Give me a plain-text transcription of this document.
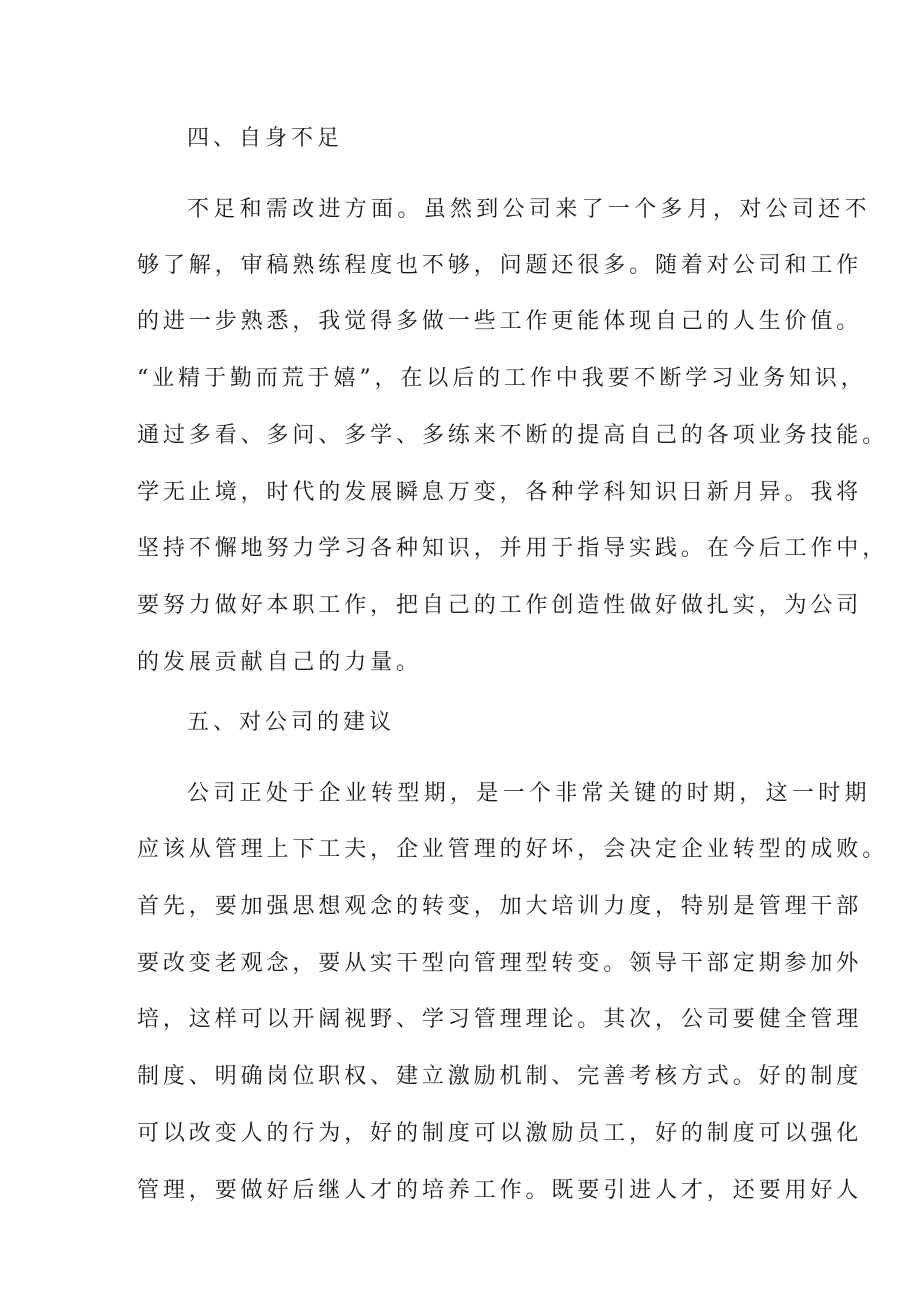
四、自身不足

不足和需改进方面。虽然到公司来了一个多月，对公司还不

够了解，审稿熟练程度也不够，问题还很多。随着对公司和工作

的进一步熟悉，我觉得多做一些工作更能体现自己的人生价值。

“业精于勤而荒于嬉”，在以后的工作中我要不断学习业务知识，

通过多看、多问、多学、多练来不断的提高自己的各项业务技能。

学无止境，时代的发展瞬息万变，各种学科知识日新月异。我将

坚持不懈地努力学习各种知识，并用于指导实践。在今后工作中，

要努力做好本职工作，把自己的工作创造性做好做扎实，为公司

的发展贡献自己的力量。

五、对公司的建议

公司正处于企业转型期，是一个非常关键的时期，这一时期

应该从管理上下工夫，企业管理的好坏，会决定企业转型的成败。

首先，要加强思想观念的转变，加大培训力度，特别是管理干部

要改变老观念，要从实干型向管理型转变。领导干部定期参加外

培，这样可以开阔视野、学习管理理论。其次，公司要健全管理

制度、明确岗位职权、建立激励机制、完善考核方式。好的制度

可以改变人的行为，好的制度可以激励员工，好的制度可以强化

管理，要做好后继人才的培养工作。既要引进人才，还要用好人
